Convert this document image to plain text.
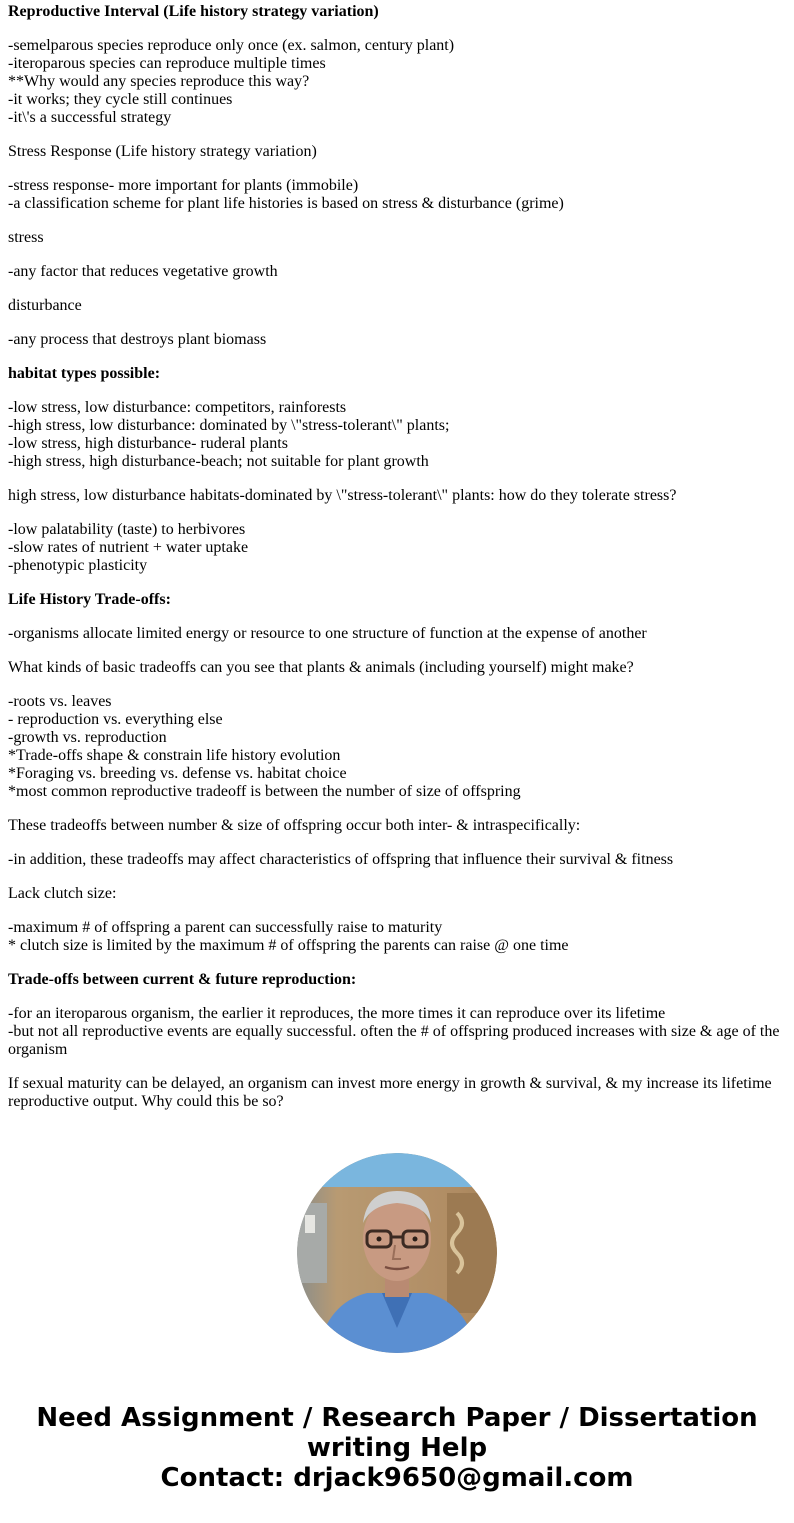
Reproductive Interval (Life history strategy variation)
-semelparous species reproduce only once (ex. salmon, century plant)
-iteroparous species can reproduce multiple times
**Why would any species reproduce this way?
-it works; they cycle still continues
-it\'s a successful strategy
Stress Response (Life history strategy variation)
-stress response- more important for plants (immobile)
-a classification scheme for plant life histories is based on stress & disturbance (grime)
stress
-any factor that reduces vegetative growth
disturbance
-any process that destroys plant biomass
habitat types possible:
-low stress, low disturbance: competitors, rainforests
-high stress, low disturbance: dominated by \"stress-tolerant\" plants;
-low stress, high disturbance- ruderal plants
-high stress, high disturbance-beach; not suitable for plant growth
high stress, low disturbance habitats-dominated by \"stress-tolerant\" plants: how do they tolerate stress?
-low palatability (taste) to herbivores
-slow rates of nutrient + water uptake
-phenotypic plasticity
Life History Trade-offs:
-organisms allocate limited energy or resource to one structure of function at the expense of another
What kinds of basic tradeoffs can you see that plants & animals (including yourself) might make?
-roots vs. leaves
- reproduction vs. everything else
-growth vs. reproduction
*Trade-offs shape & constrain life history evolution
*Foraging vs. breeding vs. defense vs. habitat choice
*most common reproductive tradeoff is between the number of size of offspring
These tradeoffs between number & size of offspring occur both inter- & intraspecifically:
-in addition, these tradeoffs may affect characteristics of offspring that influence their survival & fitness
Lack clutch size:
-maximum # of offspring a parent can successfully raise to maturity
* clutch size is limited by the maximum # of offspring the parents can raise @ one time
Trade-offs between current & future reproduction:
-for an iteroparous organism, the earlier it reproduces, the more times it can reproduce over its lifetime
-but not all reproductive events are equally successful. often the # of offspring produced increases with size & age of the organism
If sexual maturity can be delayed, an organism can invest more energy in growth & survival, & my increase its lifetime reproductive output. Why could this be so?
Need Assignment / Research Paper / Dissertation
writing Help
Contact: drjack9650@gmail.com
